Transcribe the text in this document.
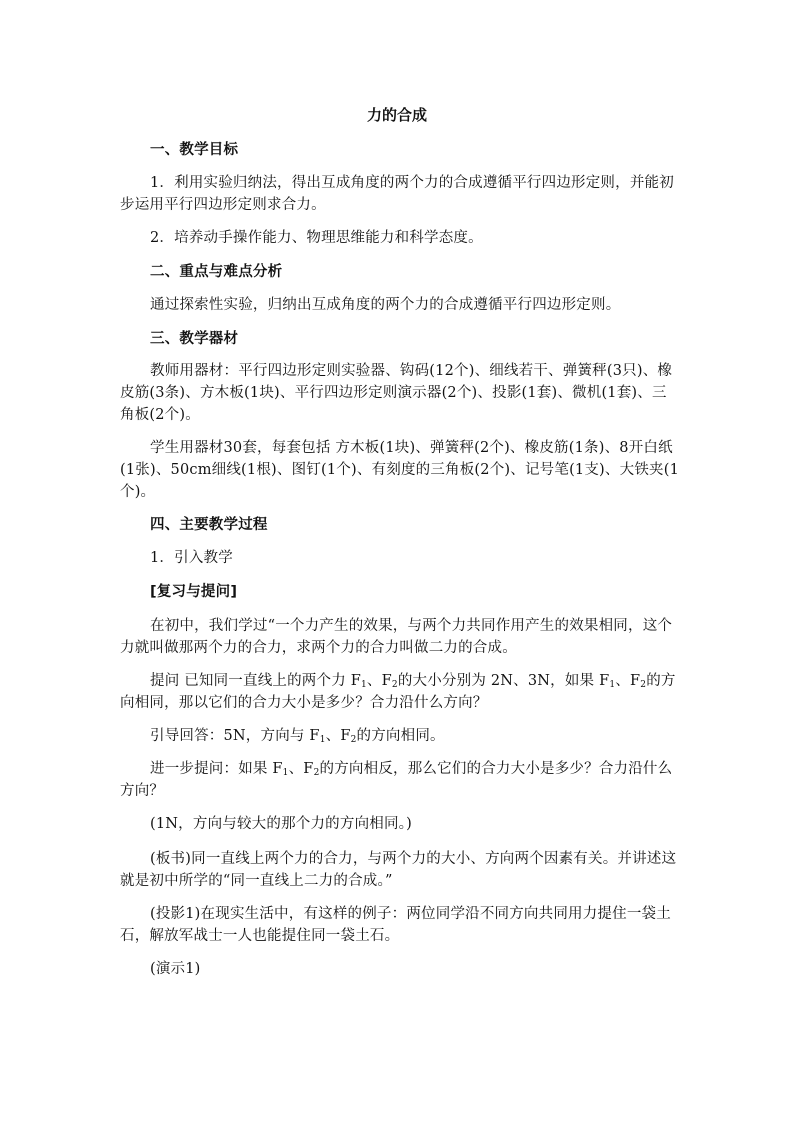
力的合成

一、教学目标

1．利用实验归纳法，得出互成角度的两个力的合成遵循平行四边形定则，并能初步运用平行四边形定则求合力。

2．培养动手操作能力、物理思维能力和科学态度。

二、重点与难点分析

通过探索性实验，归纳出互成角度的两个力的合成遵循平行四边形定则。

三、教学器材

教师用器材：平行四边形定则实验器、钩码(12个)、细线若干、弹簧秤(3只)、橡皮筋(3条)、方木板(1块)、平行四边形定则演示器(2个)、投影(1套)、微机(1套)、三角板(2个)。

学生用器材30套，每套包括 方木板(1块)、弹簧秤(2个)、橡皮筋(1条)、8开白纸(1张)、50cm细线(1根)、图钉(1个)、有刻度的三角板(2个)、记号笔(1支)、大铁夹(1个)。

四、主要教学过程

1．引入教学

[复习与提问]

在初中，我们学过“一个力产生的效果，与两个力共同作用产生的效果相同，这个力就叫做那两个力的合力，求两个力的合力叫做二力的合成。

提问 已知同一直线上的两个力 $F_1$、$F_2$的大小分别为 2N、3N，如果 $F_1$、$F_2$的方向相同，那以它们的合力大小是多少？合力沿什么方向？

引导回答：5N，方向与 $F_1$、$F_2$的方向相同。

进一步提问：如果 $F_1$、$F_2$的方向相反，那么它们的合力大小是多少？合力沿什么方向？

(1N，方向与较大的那个力的方向相同。)

(板书)同一直线上两个力的合力，与两个力的大小、方向两个因素有关。并讲述这就是初中所学的“同一直线上二力的合成。”

(投影1)在现实生活中，有这样的例子：两位同学沿不同方向共同用力提住一袋土石，解放军战士一人也能提住同一袋土石。

(演示1)
